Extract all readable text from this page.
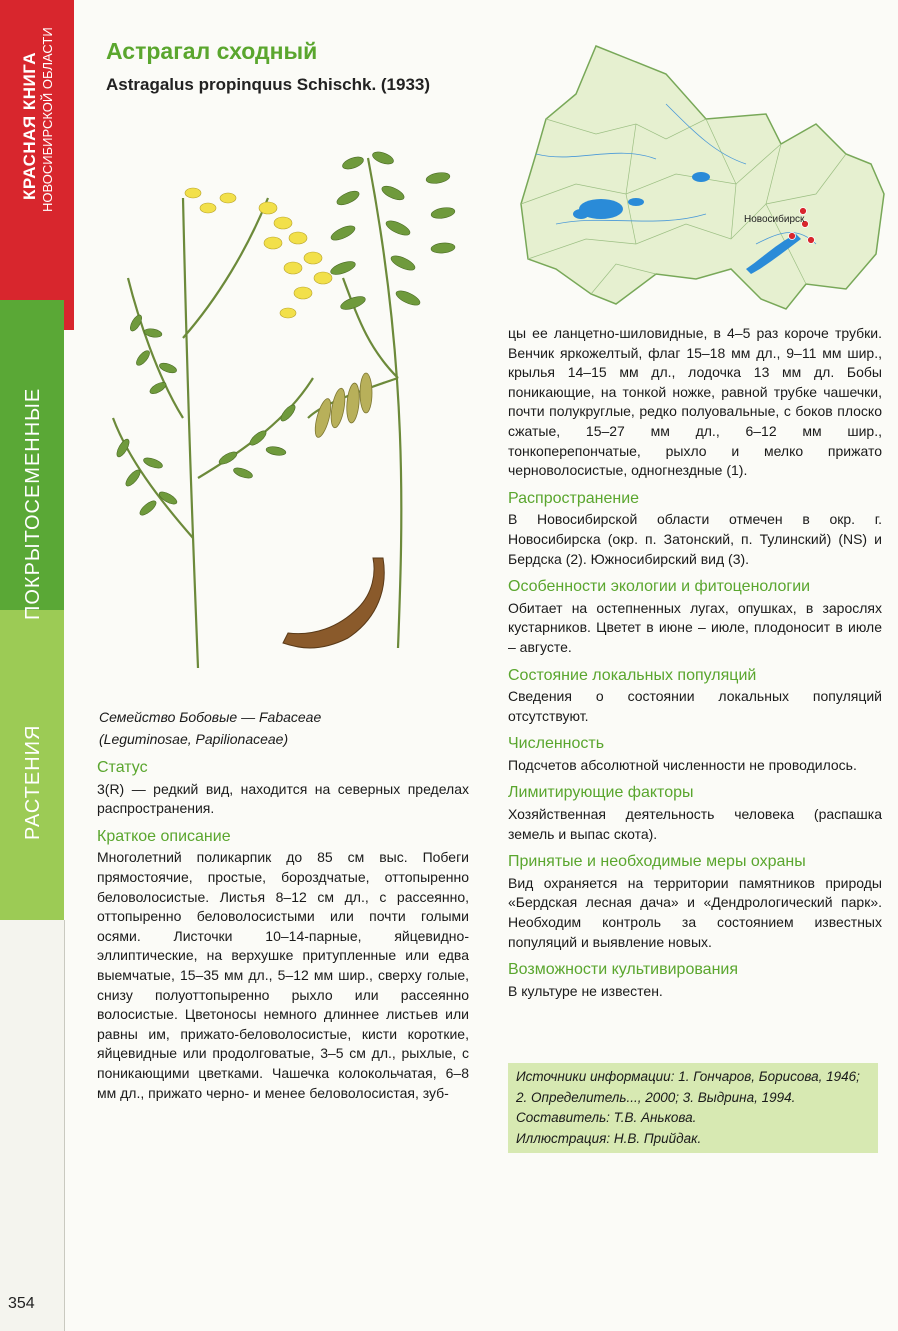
КРАСНАЯ КНИГА НОВОСИБИРСКОЙ ОБЛАСТИ
ПОКРЫТОСЕМЕННЫЕ
РАСТЕНИЯ
354
Астрагал сходный
Astragalus propinquus Schischk. (1933)
Новосибирск
Семейство Бобовые — Fabaceae
(Leguminosae, Papilionaceae)
Статус

3(R) — редкий вид, находится на северных пределах распространения.

Краткое описание

Многолетний поликарпик до 85 см выс. Побеги прямостоячие, простые, бороздчатые, оттопыренно беловолосистые. Листья 8–12 см дл., с рассеянно, оттопыренно беловолосистыми или почти голыми осями. Листочки 10–14-парные, яйцевидно-эллиптические, на верхушке притупленные или едва выемчатые, 15–35 мм дл., 5–12 мм шир., сверху голые, снизу полуоттопыренно рыхло или рассеянно волосистые. Цветоносы немного длиннее листьев или равны им, прижато-беловолосистые, кисти короткие, яйцевидные или продолговатые, 3–5 см дл., рыхлые, с поникающими цветками. Чашечка колокольчатая, 6–8 мм дл., прижато черно- и менее беловолосистая, зуб-

цы ее ланцетно-шиловидные, в 4–5 раз короче трубки. Венчик яркожелтый, флаг 15–18 мм дл., 9–11 мм шир., крылья 14–15 мм дл., лодочка 13 мм дл. Бобы поникающие, на тонкой ножке, равной трубке чашечки, почти полукруглые, редко полуовальные, с боков плоско сжатые, 15–27 мм дл., 6–12 мм шир., тонкоперепончатые, рыхло и мелко прижато черноволосистые, одногнездные (1).

Распространение

В Новосибирской области отмечен в окр. г. Новосибирска (окр. п. Затонский, п. Тулинский) (NS) и Бердска (2). Южносибирский вид (3).

Особенности экологии и фитоценологии

Обитает на остепненных лугах, опушках, в зарослях кустарников. Цветет в июне – июле, плодоносит в июле – августе.

Состояние локальных популяций

Сведения о состоянии локальных популяций отсутствуют.

Численность

Подсчетов абсолютной численности не проводилось.

Лимитирующие факторы

Хозяйственная деятельность человека (распашка земель и выпас скота).

Принятые и необходимые меры охраны

Вид охраняется на территории памятников природы «Бердская лесная дача» и «Дендрологический парк». Необходим контроль за состоянием известных популяций и выявление новых.

Возможности культивирования

В культуре не известен.

Источники информации: 1. Гончаров, Борисова, 1946; 2. Определитель..., 2000; 3. Выдрина, 1994.
Составитель: Т.В. Анькова.
Иллюстрация: Н.В. Прийдак.
